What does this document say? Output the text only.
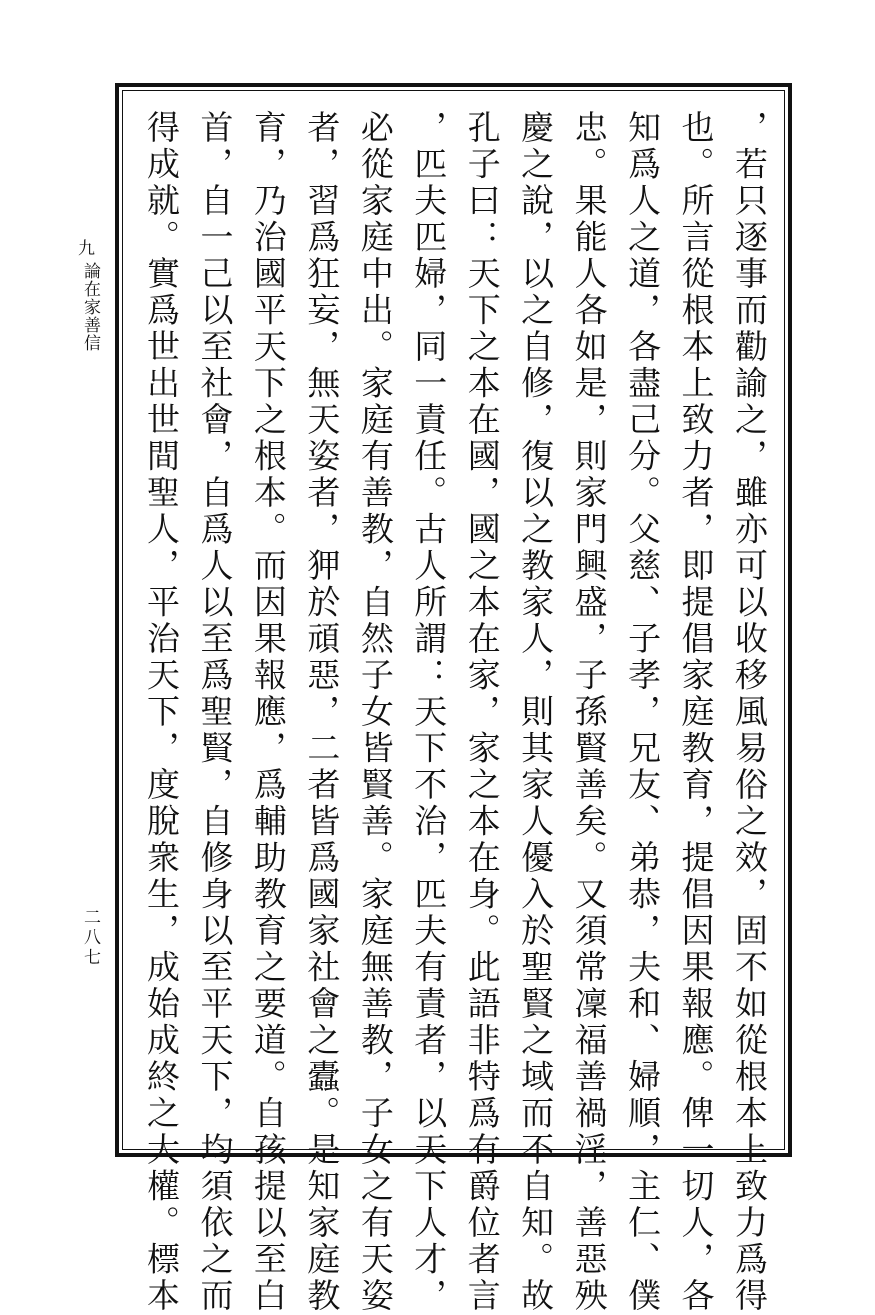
九
論在家善信
二八七	，若只逐事而勸諭之，雖亦可以收移風易俗之效，固不如從根本上致力爲得
也。所言從根本上致力者，即提倡家庭教育，提倡因果報應。俾一切人，各
知爲人之道，各盡己分。父慈、子孝，兄友、弟恭，夫和、婦順，主仁、僕
忠。果能人各如是，則家門興盛，子孫賢善矣。又須常凜福善禍淫，善惡殃
慶之說，以之自修，復以之教家人，則其家人優入於聖賢之域而不自知。故
孔子曰：天下之本在國，國之本在家，家之本在身。此語非特爲有爵位者言
，匹夫匹婦，同一責任。古人所謂：天下不治，匹夫有責者，以天下人才，
必從家庭中出。家庭有善教，自然子女皆賢善。家庭無善教，子女之有天姿
者，習爲狂妄，無天姿者，狎於頑惡，二者皆爲國家社會之蠹。是知家庭教
育，乃治國平天下之根本。而因果報應，爲輔助教育之要道。自孩提以至白
首，自一己以至社會，自爲人以至爲聖賢，自修身以至平天下，均須依之而
得成就。實爲世出世間聖人，平治天下，度脫衆生，成始成終之大權。標本
